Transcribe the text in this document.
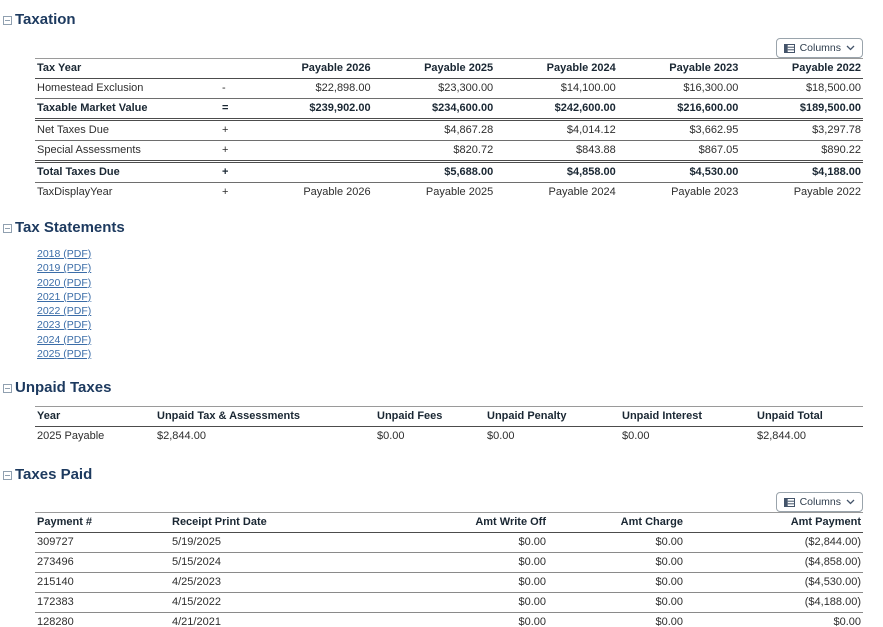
Taxation
Columns
Tax Year		Payable 2026	Payable 2025	Payable 2024	Payable 2023	Payable 2022
Homestead Exclusion	-	$22,898.00	$23,300.00	$14,100.00	$16,300.00	$18,500.00
Taxable Market Value	=	$239,902.00	$234,600.00	$242,600.00	$216,600.00	$189,500.00
Net Taxes Due	+		$4,867.28	$4,014.12	$3,662.95	$3,297.78
Special Assessments	+		$820.72	$843.88	$867.05	$890.22
Total Taxes Due	+		$5,688.00	$4,858.00	$4,530.00	$4,188.00
TaxDisplayYear	+	Payable 2026	Payable 2025	Payable 2024	Payable 2023	Payable 2022
Tax Statements
2018 (PDF)
2019 (PDF)
2020 (PDF)
2021 (PDF)
2022 (PDF)
2023 (PDF)
2024 (PDF)
2025 (PDF)
Unpaid Taxes
Year	Unpaid Tax & Assessments	Unpaid Fees	Unpaid Penalty	Unpaid Interest	Unpaid Total
2025 Payable	$2,844.00	$0.00	$0.00	$0.00	$2,844.00
Taxes Paid
Columns
Payment #	Receipt Print Date	Amt Write Off	Amt Charge	Amt Payment
309727	5/19/2025	$0.00	$0.00	($2,844.00)
273496	5/15/2024	$0.00	$0.00	($4,858.00)
215140	4/25/2023	$0.00	$0.00	($4,530.00)
172383	4/15/2022	$0.00	$0.00	($4,188.00)
128280	4/21/2021	$0.00	$0.00	$0.00
